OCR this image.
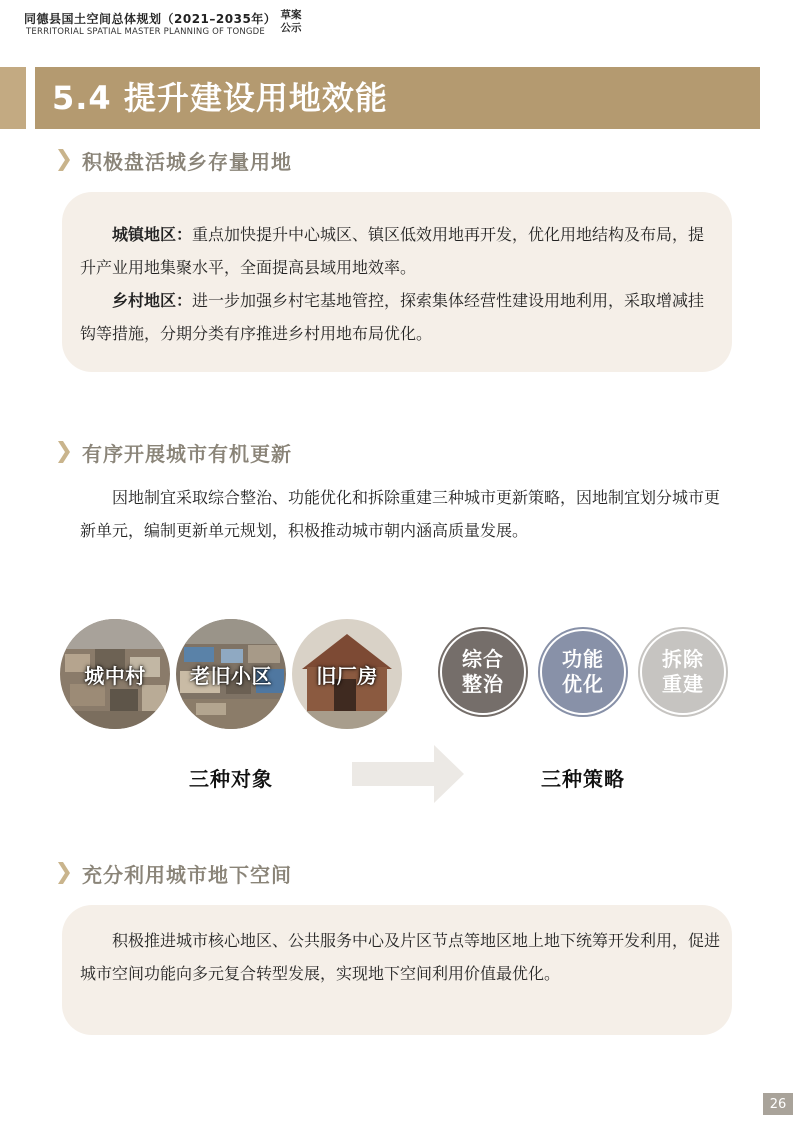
同德县国土空间总体规划（2021–2035年）
TERRITORIAL SPATIAL MASTER PLANNING OF TONGDE
草案公示
5.4 提升建设用地效能
积极盘活城乡存量用地
城镇地区：重点加快提升中心城区、镇区低效用地再开发，优化用地结构及布局，提升产业用地集聚水平，全面提高县域用地效率。
乡村地区：进一步加强乡村宅基地管控，探索集体经营性建设用地利用，采取增减挂钩等措施，分期分类有序推进乡村用地布局优化。
有序开展城市有机更新
因地制宜采取综合整治、功能优化和拆除重建三种城市更新策略，因地制宜划分城市更新单元，编制更新单元规划，积极推动城市朝内涵高质量发展。
城中村	老旧小区	旧厂房
综合
整治
功能
优化
拆除
重建
三种对象	三种策略
充分利用城市地下空间
积极推进城市核心地区、公共服务中心及片区节点等地区地上地下统筹开发利用，促进城市空间功能向多元复合转型发展，实现地下空间利用价值最优化。
26
